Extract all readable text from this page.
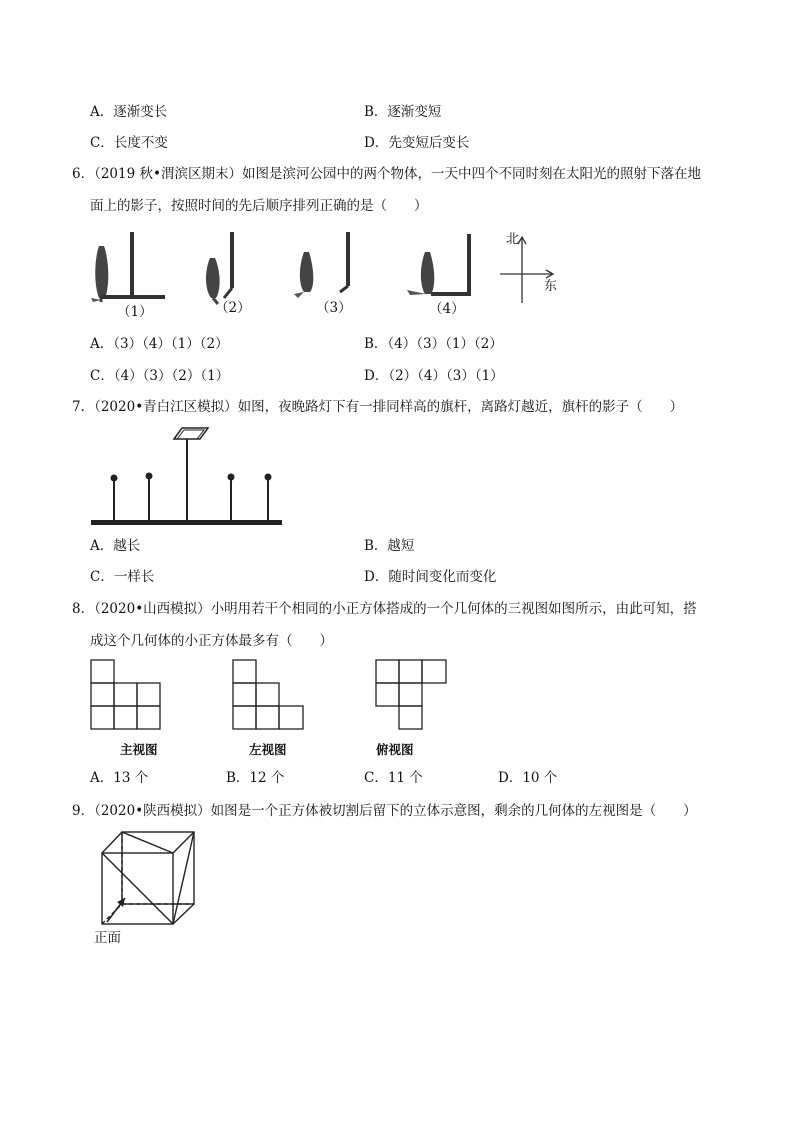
A．逐渐变长	B．逐渐变短
C．长度不变	D．先变短后变长
6．（2019 秋•渭滨区期末）如图是滨河公园中的两个物体，一天中四个不同时刻在太阳光的照射下落在地
面上的影子，按照时间的先后顺序排列正确的是（　　）
北
东
（1）	（2）	（3）	（4）
A．（3）（4）（1）（2）	B．（4）（3）（1）（2）
C．（4）（3）（2）（1）	D．（2）（4）（3）（1）
7．（2020•青白江区模拟）如图，夜晚路灯下有一排同样高的旗杆，离路灯越近，旗杆的影子（　　）
A．越长	B．越短
C．一样长	D．随时间变化而变化
8．（2020•山西模拟）小明用若干个相同的小正方体搭成的一个几何体的三视图如图所示，由此可知，搭
成这个几何体的小正方体最多有（　　）
主视图	左视图	俯视图
A．13 个	B．12 个	C．11 个	D．10 个
9．（2020•陕西模拟）如图是一个正方体被切割后留下的立体示意图，剩余的几何体的左视图是（　　）
正面
